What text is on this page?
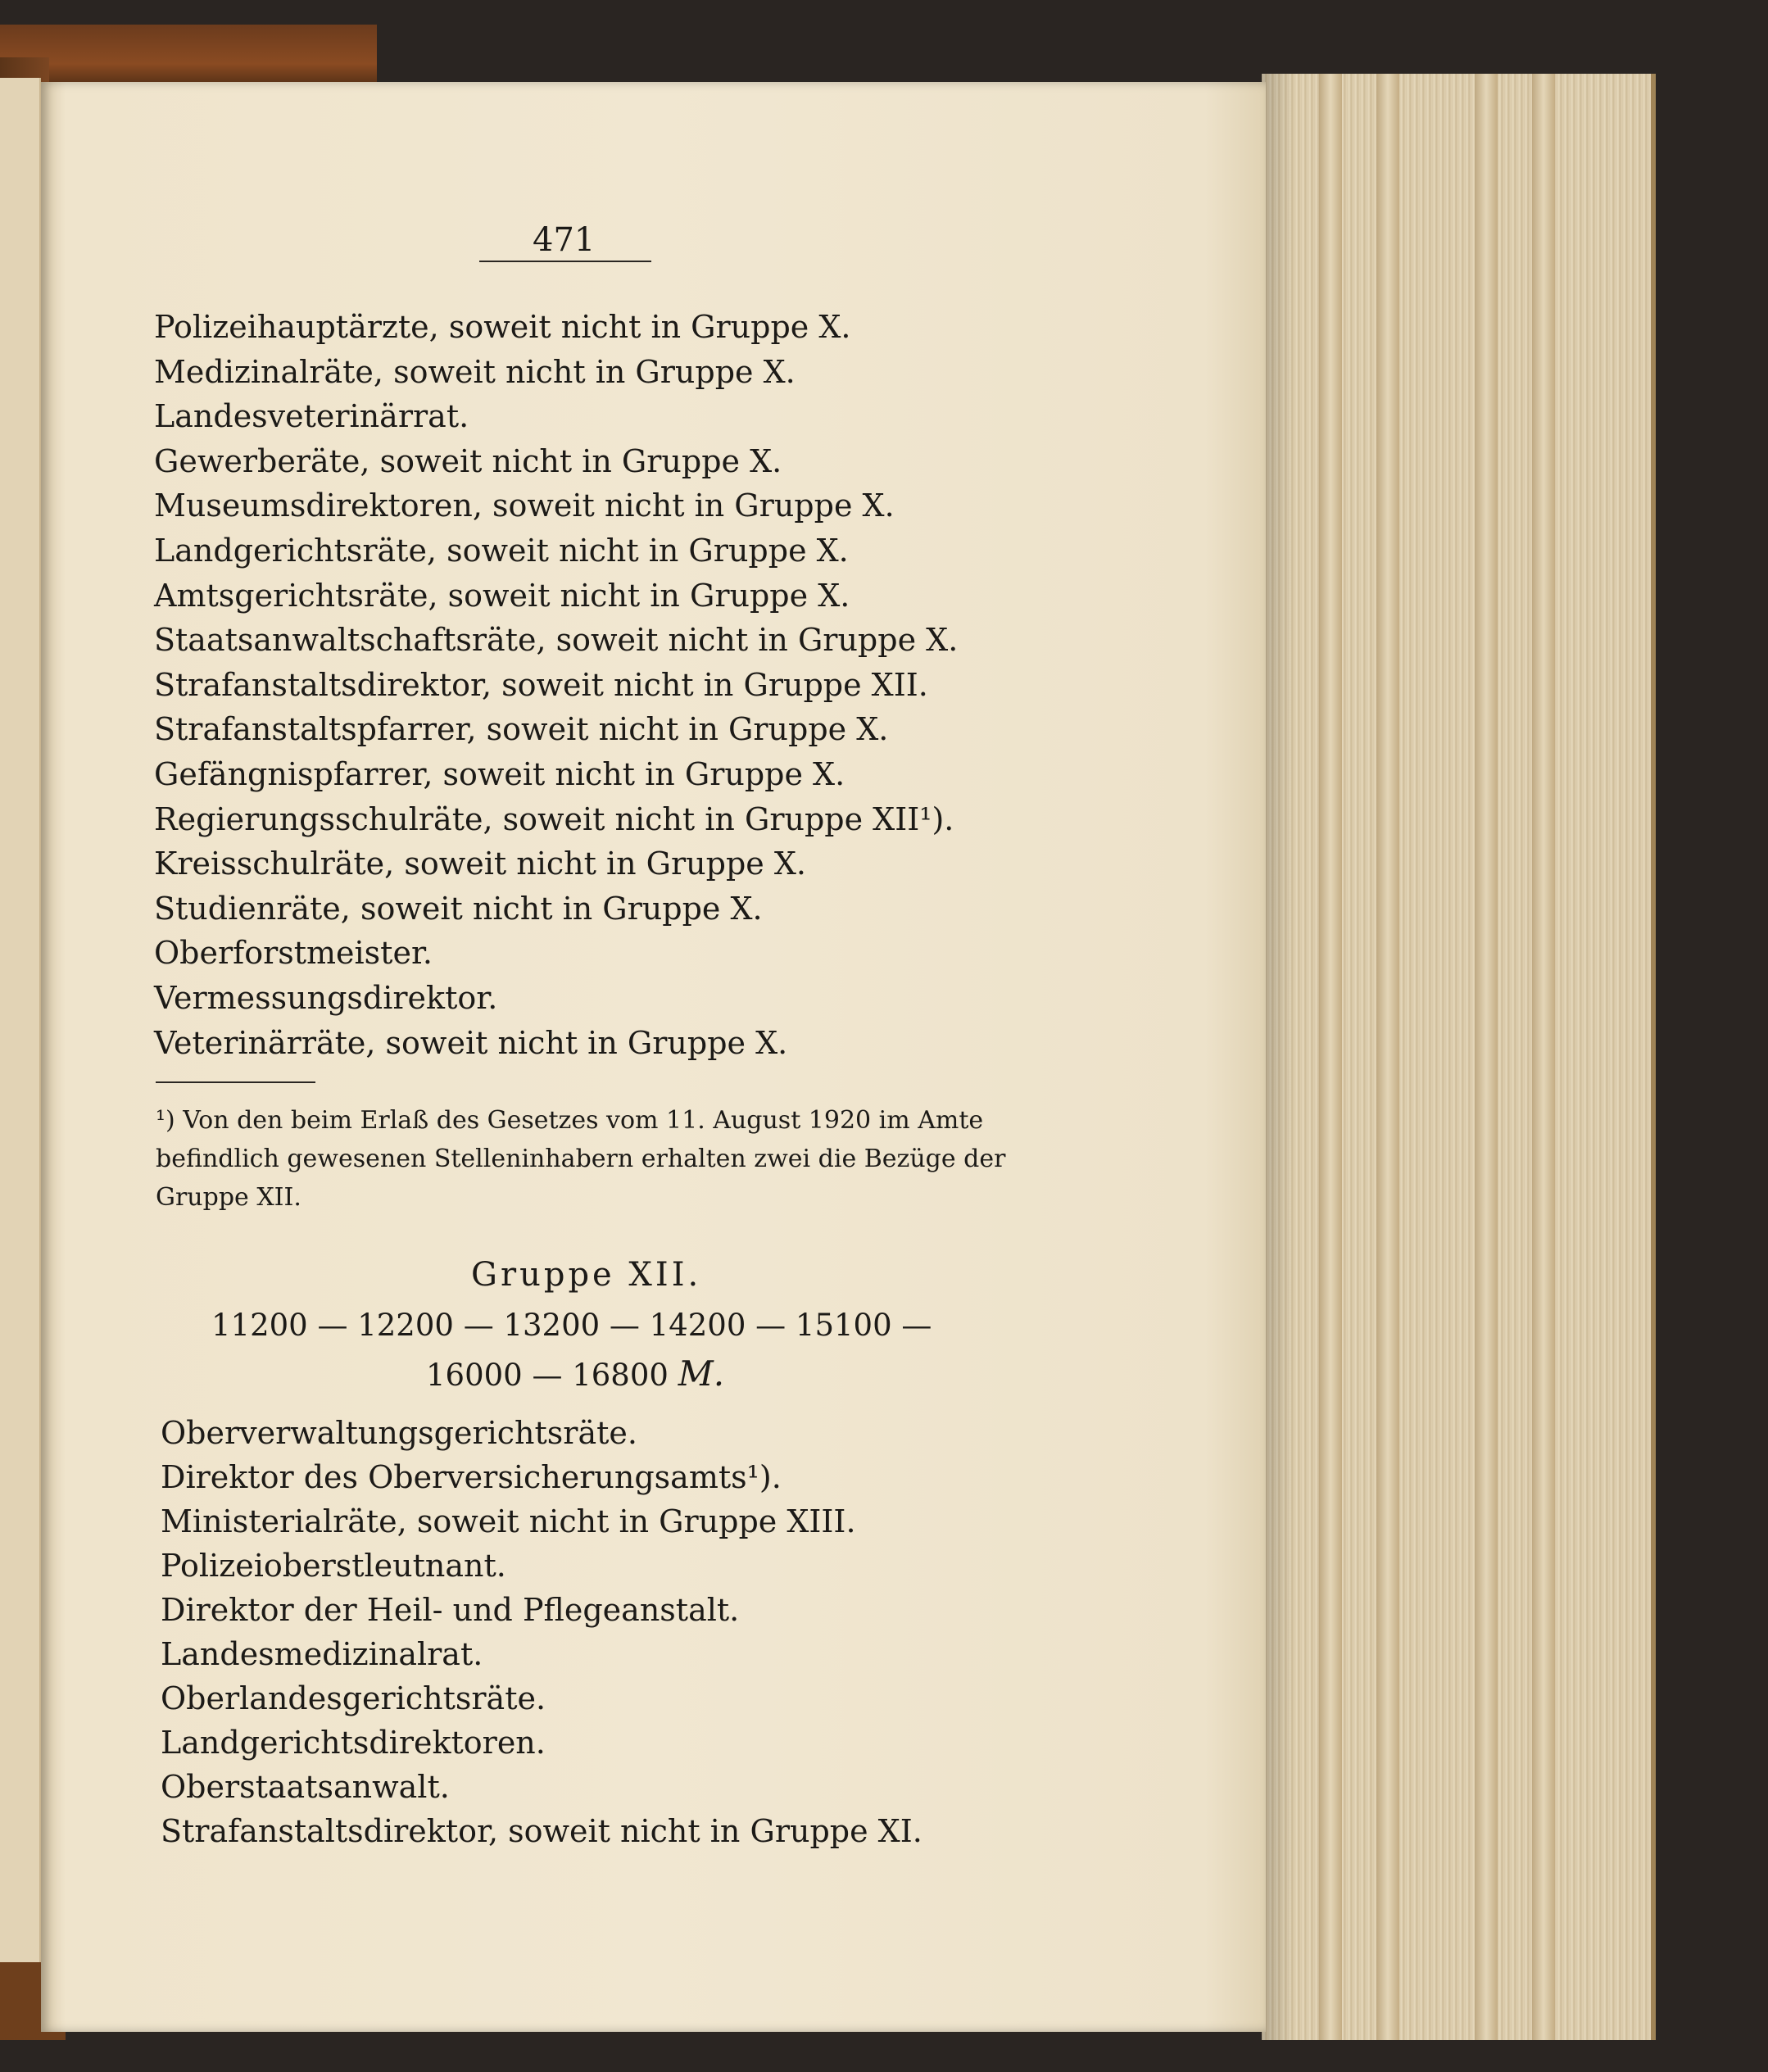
471
Polizeihauptärzte, soweit nicht in Gruppe X.
Medizinalräte, soweit nicht in Gruppe X.
Landesveterinärrat.
Gewerberäte, soweit nicht in Gruppe X.
Museumsdirektoren, soweit nicht in Gruppe X.
Landgerichtsräte, soweit nicht in Gruppe X.
Amtsgerichtsräte, soweit nicht in Gruppe X.
Staatsanwaltschaftsräte, soweit nicht in Gruppe X.
Strafanstaltsdirektor, soweit nicht in Gruppe XII.
Strafanstaltspfarrer, soweit nicht in Gruppe X.
Gefängnispfarrer, soweit nicht in Gruppe X.
Regierungsschulräte, soweit nicht in Gruppe XII¹).
Kreisschulräte, soweit nicht in Gruppe X.
Studienräte, soweit nicht in Gruppe X.
Oberforstmeister.
Vermessungsdirektor.
Veterinärräte, soweit nicht in Gruppe X.
¹) Von den beim Erlaß des Gesetzes vom 11. August 1920 im Amte befindlich gewesenen Stelleninhabern erhalten zwei die Bezüge der Gruppe XII.
Gruppe XII.
11200 — 12200 — 13200 — 14200 — 15100 —
16000 — 16800 M.
Oberverwaltungsgerichtsräte.
Direktor des Oberversicherungsamts¹).
Ministerialräte, soweit nicht in Gruppe XIII.
Polizeioberstleutnant.
Direktor der Heil- und Pflegeanstalt.
Landesmedizinalrat.
Oberlandesgerichtsräte.
Landgerichtsdirektoren.
Oberstaatsanwalt.
Strafanstaltsdirektor, soweit nicht in Gruppe XI.
